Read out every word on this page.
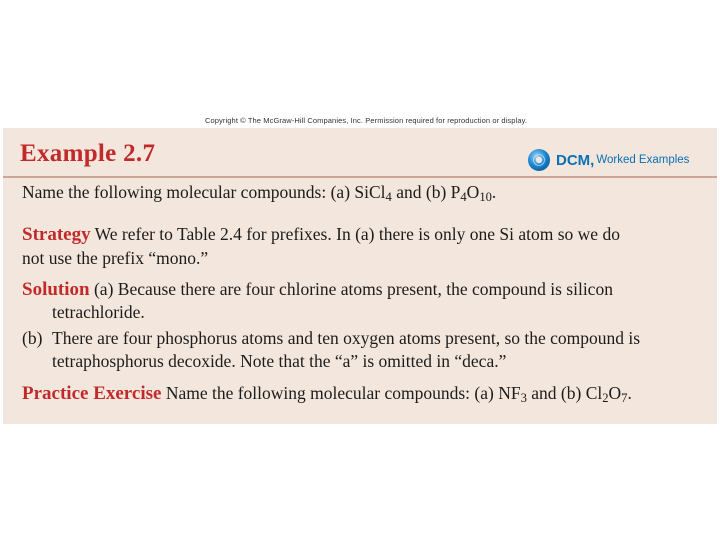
Copyright © The McGraw-Hill Companies, Inc. Permission required for reproduction or display.
Example 2.7	DCM, Worked Examples
Name the following molecular compounds: (a) SiCl$_4$ and (b) $P_4O_{10}$.
Strategy We refer to Table 2.4 for prefixes. In (a) there is only one Si atom so we do
not use the prefix “mono.”
Solution (a) Because there are four chlorine atoms present, the compound is silicon
tetrachloride.
(b) There are four phosphorus atoms and ten oxygen atoms present, so the compound is
tetraphosphorus decoxide. Note that the “a” is omitted in “deca.”
Practice Exercise Name the following molecular compounds: (a) $NF_3$ and (b) $Cl_2O_7$.
